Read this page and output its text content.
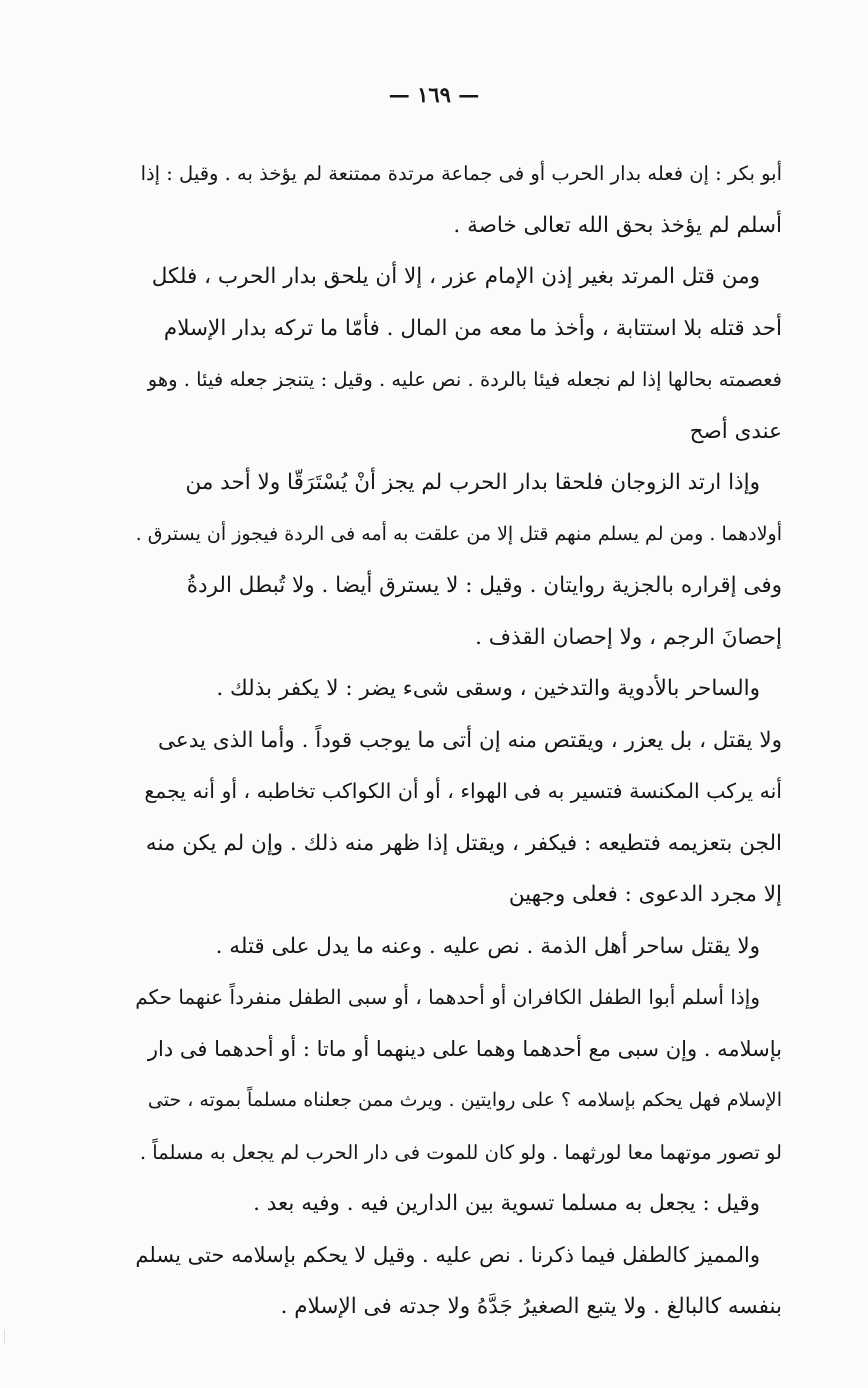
— ١٦٩ —
أبو بكر : إن فعله بدار الحرب أو فى جماعة مرتدة ممتنعة لم يؤخذ به . وقيل : إذا
أسلم لم يؤخذ بحق الله تعالى خاصة .
ومن قتل المرتد بغير إذن الإمام عزر ، إلا أن يلحق بدار الحرب ، فلكل
أحد قتله بلا استتابة ، وأخذ ما معه من المال . فأمّا ما تركه بدار الإسلام
فعصمته بحالها إذا لم نجعله فيئا بالردة . نص عليه . وقيل : يتنجز جعله فيئا . وهو
عندى أصح
وإذا ارتد الزوجان فلحقا بدار الحرب لم يجز أنْ يُسْتَرَقّا ولا أحد من
أولادهما . ومن لم يسلم منهم قتل إلا من علقت به أمه فى الردة فيجوز أن يسترق .
وفى إقراره بالجزية روايتان . وقيل : لا يسترق أيضا . ولا تُبطل الردةُ
إحصانَ الرجم ، ولا إحصان القذف .
والساحر بالأدوية والتدخين ، وسقى شىء يضر : لا يكفر بذلك .
ولا يقتل ، بل يعزر ، ويقتص منه إن أتى ما يوجب قوداً . وأما الذى يدعى
أنه يركب المكنسة فتسير به فى الهواء ، أو أن الكواكب تخاطبه ، أو أنه يجمع
الجن بتعزيمه فتطيعه : فيكفر ، ويقتل إذا ظهر منه ذلك . وإن لم يكن منه
إلا مجرد الدعوى : فعلى وجهين
ولا يقتل ساحر أهل الذمة . نص عليه . وعنه ما يدل على قتله .
وإذا أسلم أبوا الطفل الكافران أو أحدهما ، أو سبى الطفل منفرداً عنهما حكم
بإسلامه . وإن سبى مع أحدهما وهما على دينهما أو ماتا : أو أحدهما فى دار
الإسلام فهل يحكم بإسلامه ؟ على روايتين . ويرث ممن جعلناه مسلماً بموته ، حتى
لو تصور موتهما معا لورثهما . ولو كان للموت فى دار الحرب لم يجعل به مسلماً .
وقيل : يجعل به مسلما تسوية بين الدارين فيه . وفيه بعد .
والمميز كالطفل فيما ذكرنا . نص عليه . وقيل لا يحكم بإسلامه حتى يسلم
بنفسه كالبالغ . ولا يتبع الصغيرُ جَدَّهُ ولا جدته فى الإسلام .
